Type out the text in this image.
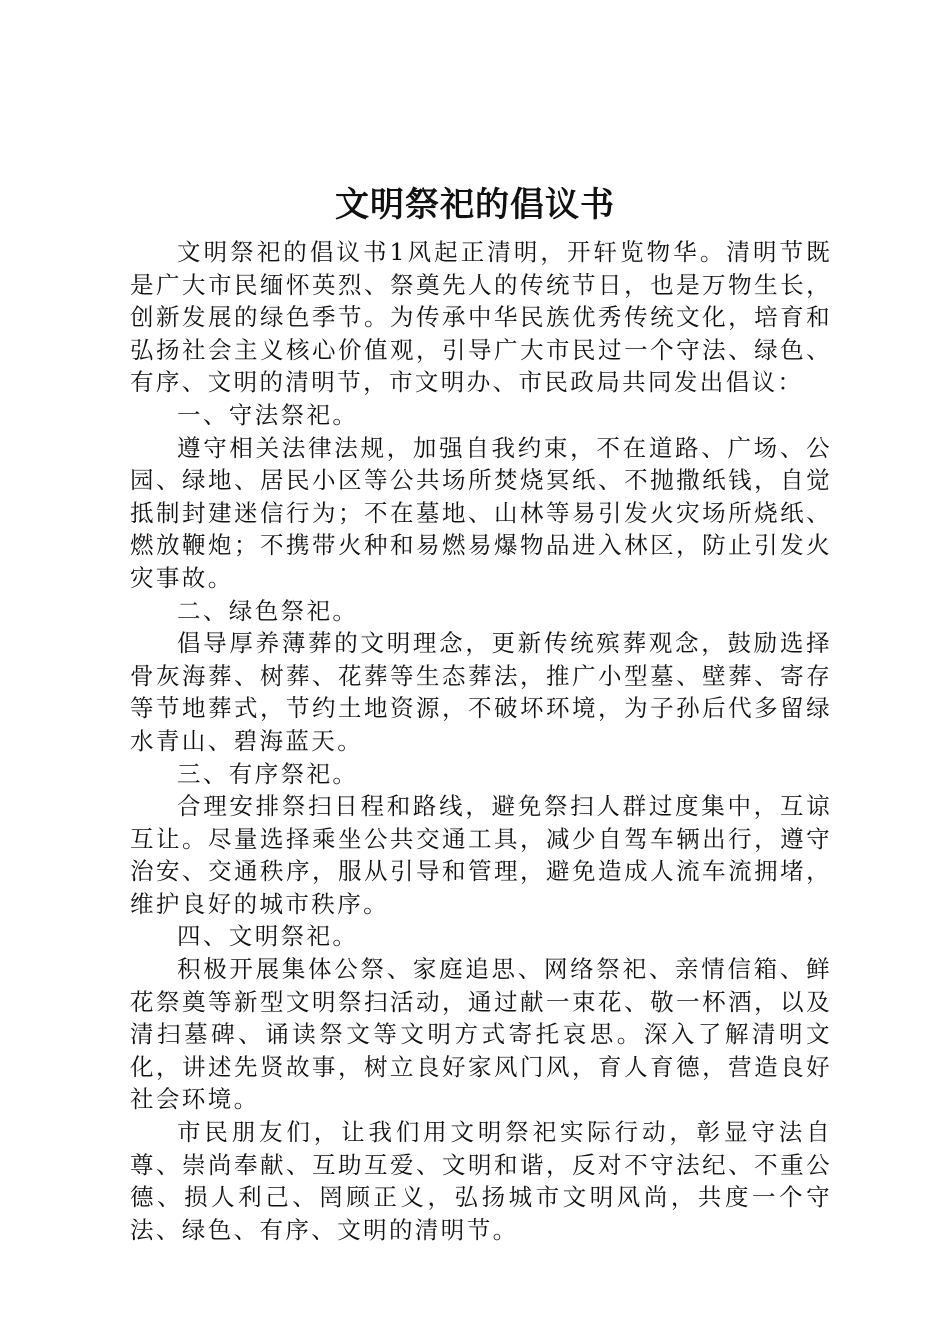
文明祭祀的倡议书

文明祭祀的倡议书1风起正清明，开轩览物华。清明节既是广大市民缅怀英烈、祭奠先人的传统节日，也是万物生长，创新发展的绿色季节。为传承中华民族优秀传统文化，培育和弘扬社会主义核心价值观，引导广大市民过一个守法、绿色、有序、文明的清明节，市文明办、市民政局共同发出倡议：

一、守法祭祀。

遵守相关法律法规，加强自我约束，不在道路、广场、公园、绿地、居民小区等公共场所焚烧冥纸、不抛撒纸钱，自觉抵制封建迷信行为；不在墓地、山林等易引发火灾场所烧纸、燃放鞭炮；不携带火种和易燃易爆物品进入林区，防止引发火灾事故。

二、绿色祭祀。

倡导厚养薄葬的文明理念，更新传统殡葬观念，鼓励选择骨灰海葬、树葬、花葬等生态葬法，推广小型墓、壁葬、寄存等节地葬式，节约土地资源，不破坏环境，为子孙后代多留绿水青山、碧海蓝天。

三、有序祭祀。

合理安排祭扫日程和路线，避免祭扫人群过度集中，互谅互让。尽量选择乘坐公共交通工具，减少自驾车辆出行，遵守治安、交通秩序，服从引导和管理，避免造成人流车流拥堵，维护良好的城市秩序。

四、文明祭祀。

积极开展集体公祭、家庭追思、网络祭祀、亲情信箱、鲜花祭奠等新型文明祭扫活动，通过献一束花、敬一杯酒，以及清扫墓碑、诵读祭文等文明方式寄托哀思。深入了解清明文化，讲述先贤故事，树立良好家风门风，育人育德，营造良好社会环境。

市民朋友们，让我们用文明祭祀实际行动，彰显守法自尊、崇尚奉献、互助互爱、文明和谐，反对不守法纪、不重公德、损人利己、罔顾正义，弘扬城市文明风尚，共度一个守法、绿色、有序、文明的清明节。
